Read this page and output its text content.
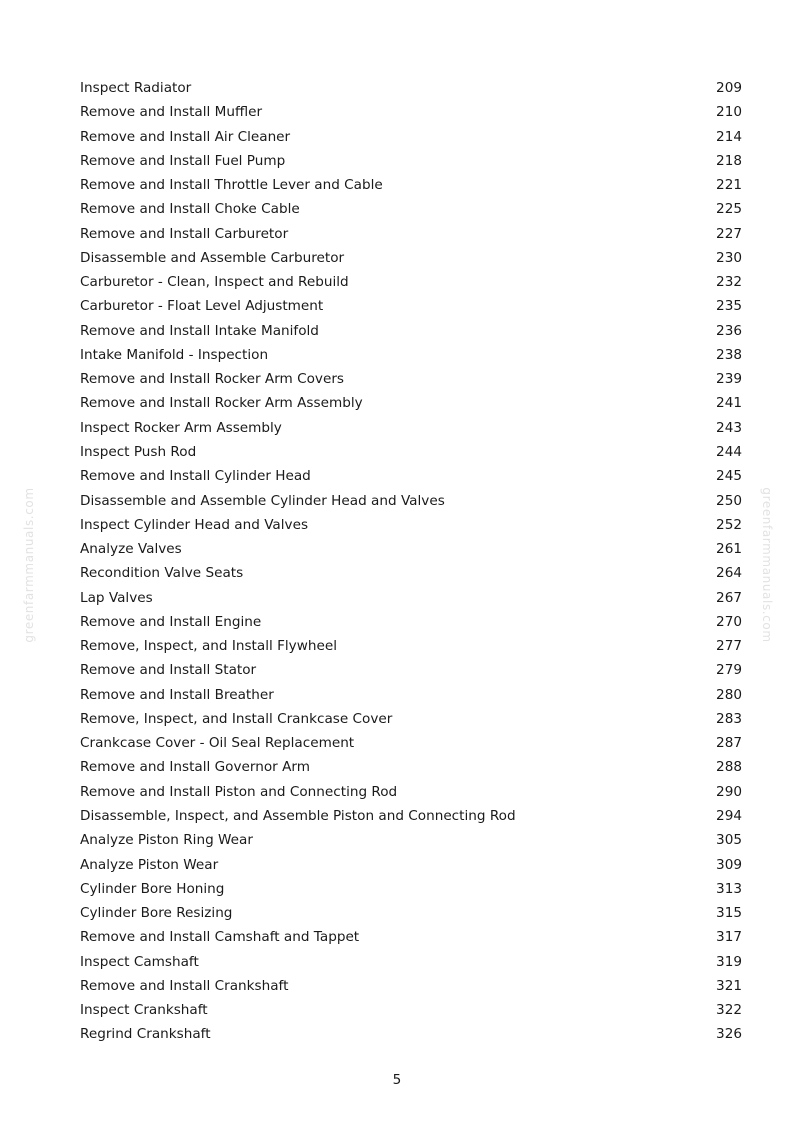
greenfarmmanuals.com	greenfarmmanuals.com
Inspect Radiator	209
Remove and Install Muffler	210
Remove and Install Air Cleaner	214
Remove and Install Fuel Pump	218
Remove and Install Throttle Lever and Cable	221
Remove and Install Choke Cable	225
Remove and Install Carburetor	227
Disassemble and Assemble Carburetor	230
Carburetor - Clean, Inspect and Rebuild	232
Carburetor - Float Level Adjustment	235
Remove and Install Intake Manifold	236
Intake Manifold - Inspection	238
Remove and Install Rocker Arm Covers	239
Remove and Install Rocker Arm Assembly	241
Inspect Rocker Arm Assembly	243
Inspect Push Rod	244
Remove and Install Cylinder Head	245
Disassemble and Assemble Cylinder Head and Valves	250
Inspect Cylinder Head and Valves	252
Analyze Valves	261
Recondition Valve Seats	264
Lap Valves	267
Remove and Install Engine	270
Remove, Inspect, and Install Flywheel	277
Remove and Install Stator	279
Remove and Install Breather	280
Remove, Inspect, and Install Crankcase Cover	283
Crankcase Cover - Oil Seal Replacement	287
Remove and Install Governor Arm	288
Remove and Install Piston and Connecting Rod	290
Disassemble, Inspect, and Assemble Piston and Connecting Rod	294
Analyze Piston Ring Wear	305
Analyze Piston Wear	309
Cylinder Bore Honing	313
Cylinder Bore Resizing	315
Remove and Install Camshaft and Tappet	317
Inspect Camshaft	319
Remove and Install Crankshaft	321
Inspect Crankshaft	322
Regrind Crankshaft	326
5
